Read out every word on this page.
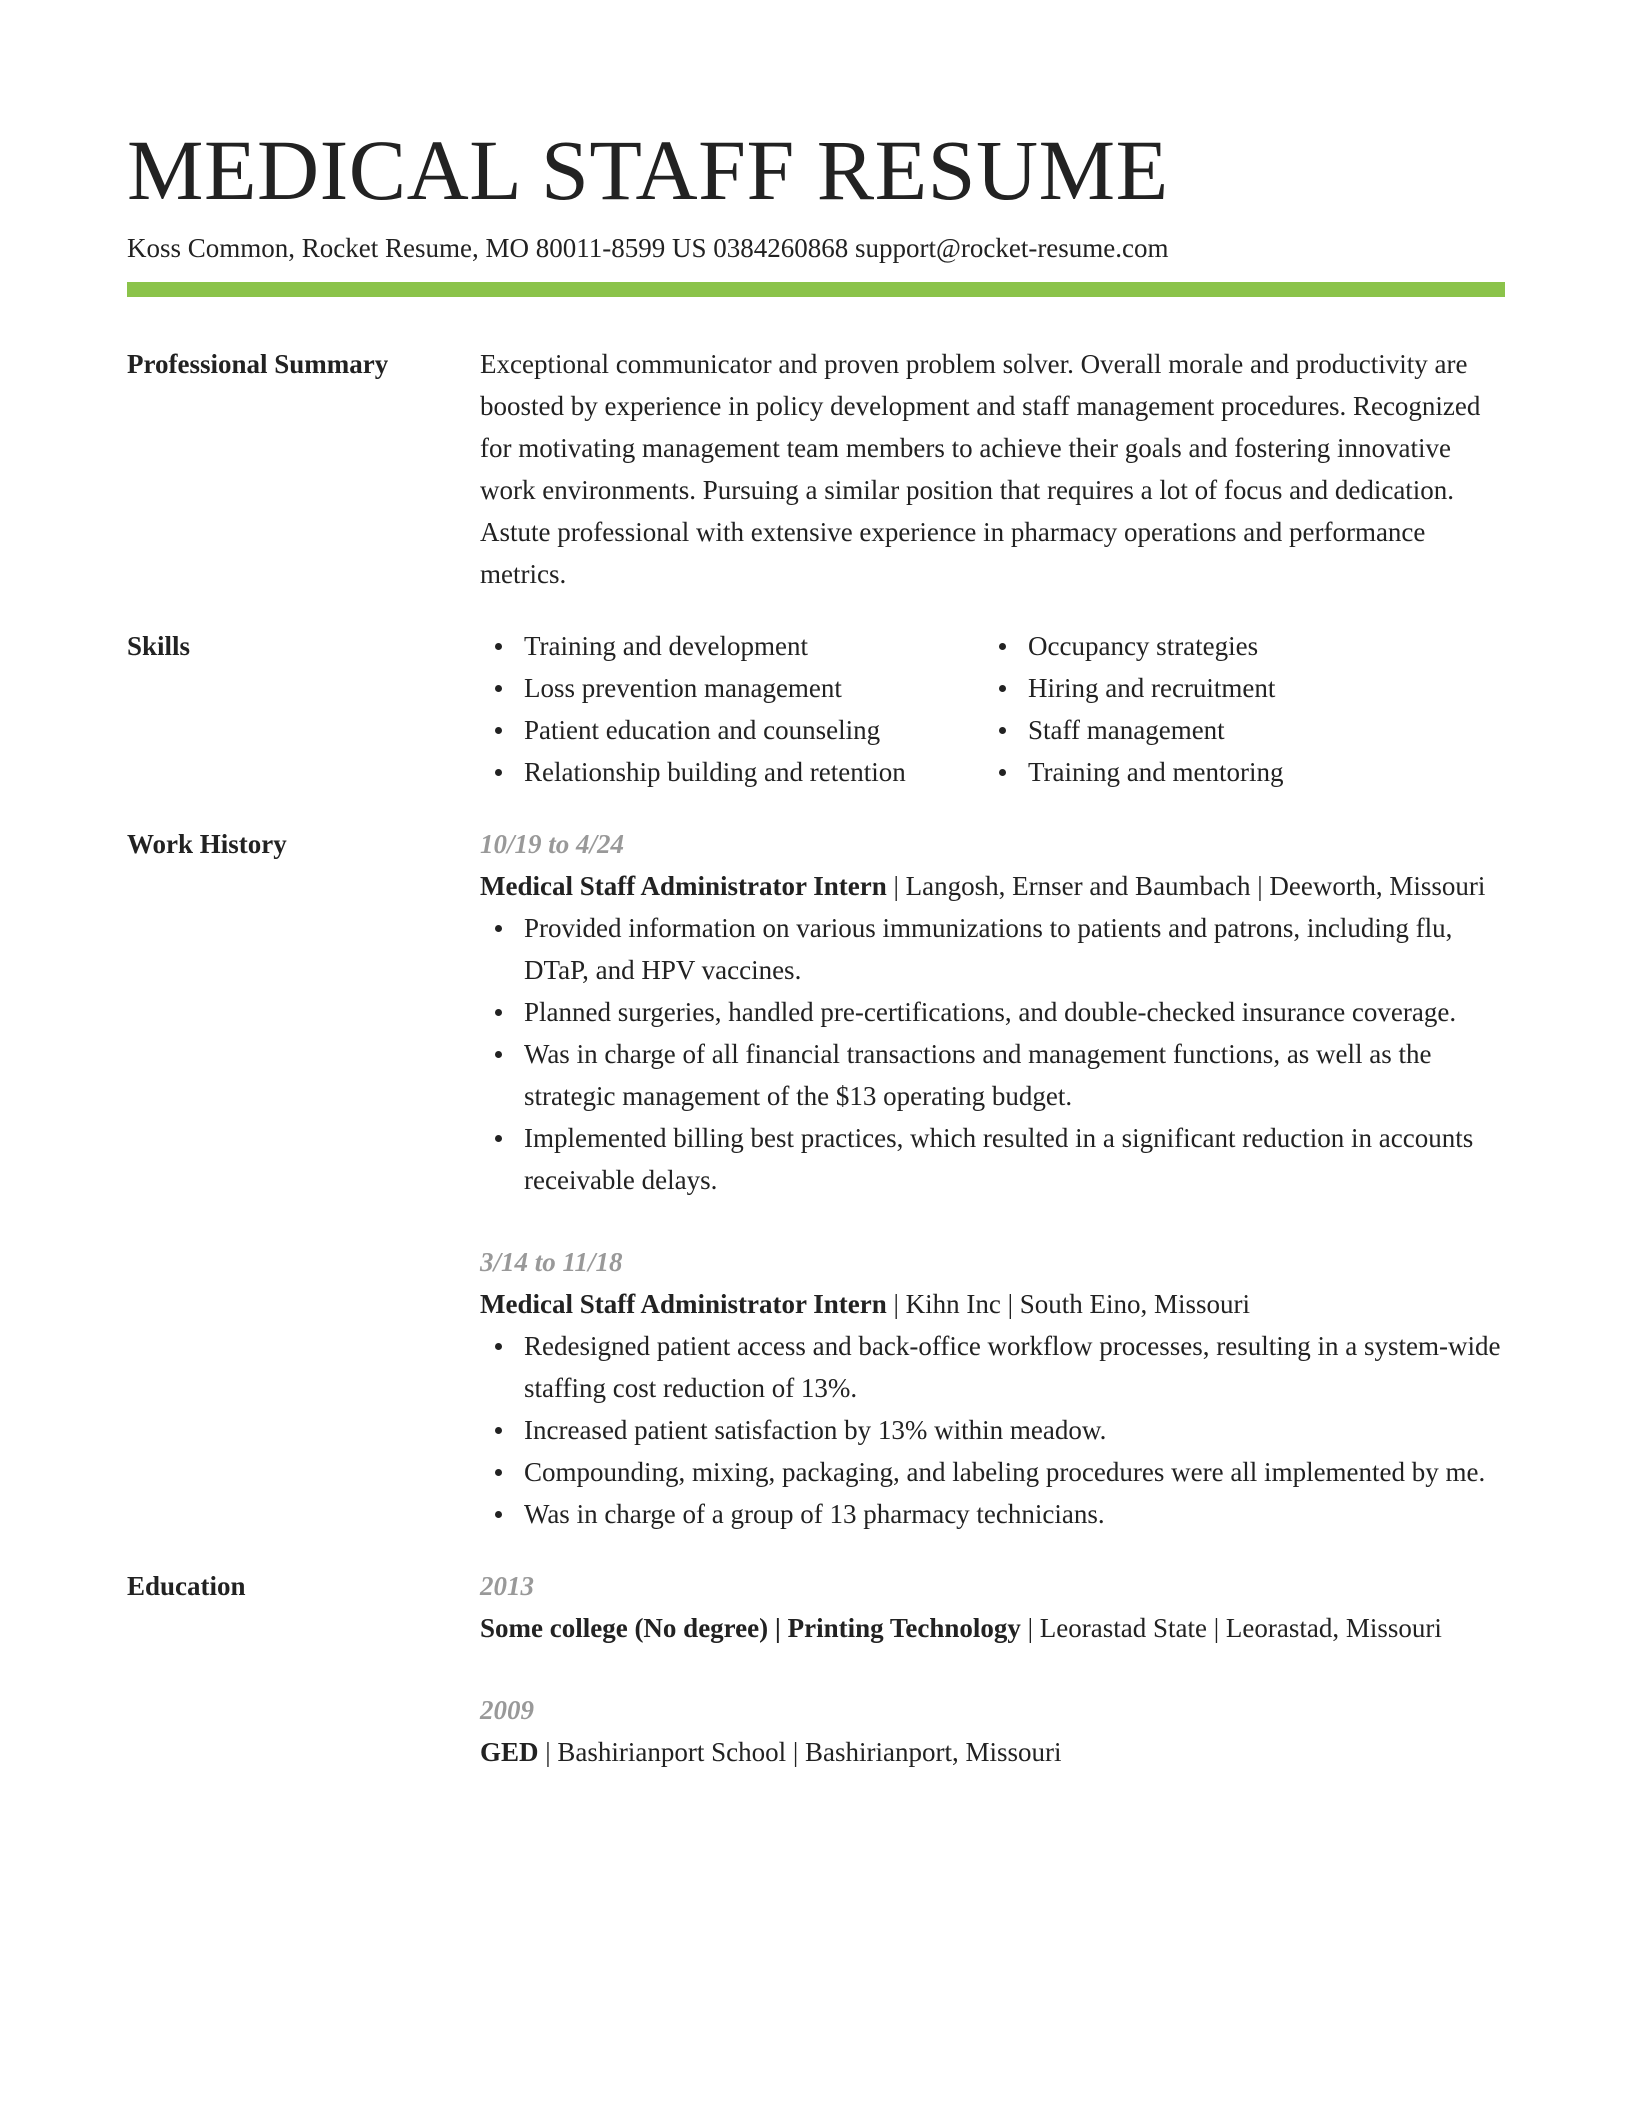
MEDICAL STAFF RESUME
Koss Common, Rocket Resume, MO 80011-8599 US 0384260868 support@rocket-resume.com
Professional Summary	Exceptional communicator and proven problem solver. Overall morale and productivity are boosted by experience in policy development and staff management procedures. Recognized for motivating management team members to achieve their goals and fostering innovative work environments. Pursuing a similar position that requires a lot of focus and dedication. Astute professional with extensive experience in pharmacy operations and performance metrics.
Skills	Training and development
Loss prevention management
Patient education and counseling
Relationship building and retention
Occupancy strategies
Hiring and recruitment
Staff management
Training and mentoring
Work History	10/19 to 4/24
Medical Staff Administrator Intern | Langosh, Ernser and Baumbach | Deeworth, Missouri
Provided information on various immunizations to patients and patrons, including flu, DTaP, and HPV vaccines.
Planned surgeries, handled pre-certifications, and double-checked insurance coverage.
Was in charge of all financial transactions and management functions, as well as the strategic management of the $13 operating budget.
Implemented billing best practices, which resulted in a significant reduction in accounts receivable delays.
3/14 to 11/18
Medical Staff Administrator Intern | Kihn Inc | South Eino, Missouri
Redesigned patient access and back-office workflow processes, resulting in a system-wide staffing cost reduction of 13%.
Increased patient satisfaction by 13% within meadow.
Compounding, mixing, packaging, and labeling procedures were all implemented by me.
Was in charge of a group of 13 pharmacy technicians.
Education	2013
Some college (No degree) | Printing Technology | Leorastad State | Leorastad, Missouri
2009
GED | Bashirianport School | Bashirianport, Missouri
